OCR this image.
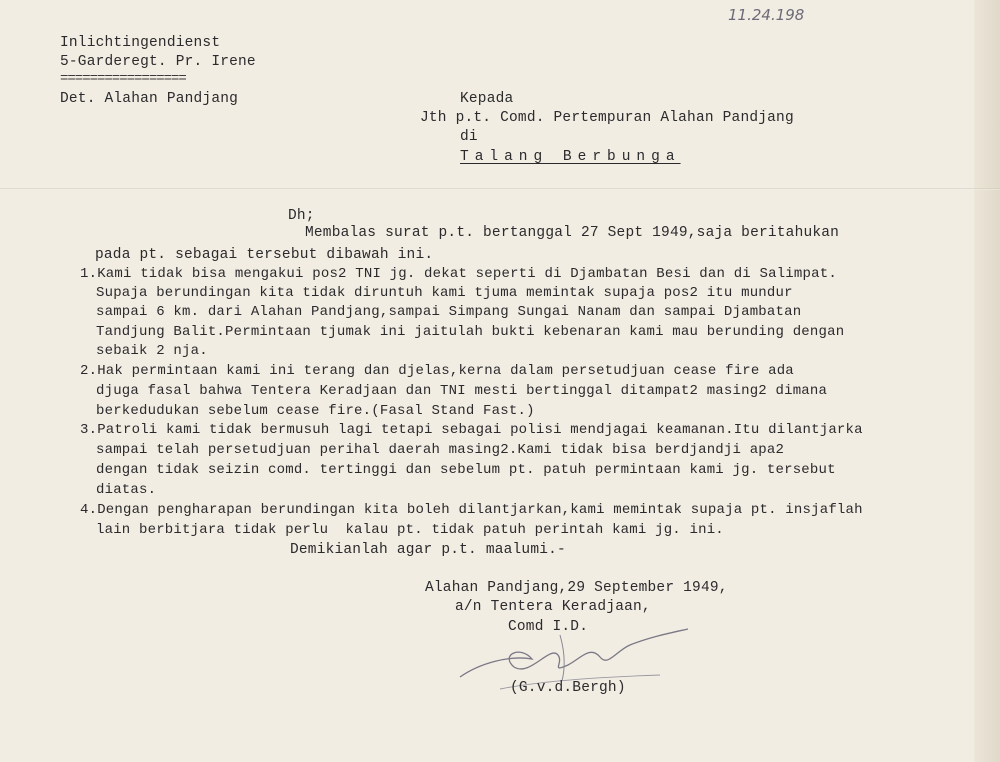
11.24.198
Inlichtingendienst
5-Garderegt. Pr. Irene
=================
Det. Alahan Pandjang	Kepada
Jth p.t. Comd. Pertempuran Alahan Pandjang
di
Talang Berbunga
Dh;
Membalas surat p.t. bertanggal 27 Sept 1949,saja beritahukan
pada pt. sebagai tersebut dibawah ini.
1.Kami tidak bisa mengakui pos2 TNI jg. dekat seperti di Djambatan Besi dan di Salimpat.
Supaja berundingan kita tidak diruntuh kami tjuma memintak supaja pos2 itu mundur
sampai 6 km. dari Alahan Pandjang,sampai Simpang Sungai Nanam dan sampai Djambatan
Tandjung Balit.Permintaan tjumak ini jaitulah bukti kebenaran kami mau berunding dengan
sebaik 2 nja.
2.Hak permintaan kami ini terang dan djelas,kerna dalam persetudjuan cease fire ada
djuga fasal bahwa Tentera Keradjaan dan TNI mesti bertinggal ditampat2 masing2 dimana
berkedudukan sebelum cease fire.(Fasal Stand Fast.)
3.Patroli kami tidak bermusuh lagi tetapi sebagai polisi mendjagai keamanan.Itu dilantjarka
sampai telah persetudjuan perihal daerah masing2.Kami tidak bisa berdjandji apa2
dengan tidak seizin comd. tertinggi dan sebelum pt. patuh permintaan kami jg. tersebut
diatas.
4.Dengan pengharapan berundingan kita boleh dilantjarkan,kami memintak supaja pt. insjaflah
lain berbitjara tidak perlu  kalau pt. tidak patuh perintah kami jg. ini.
Demikianlah agar p.t. maalumi.-
Alahan Pandjang,29 September 1949,
a/n Tentera Keradjaan,
Comd I.D.
(G.v.d.Bergh)
